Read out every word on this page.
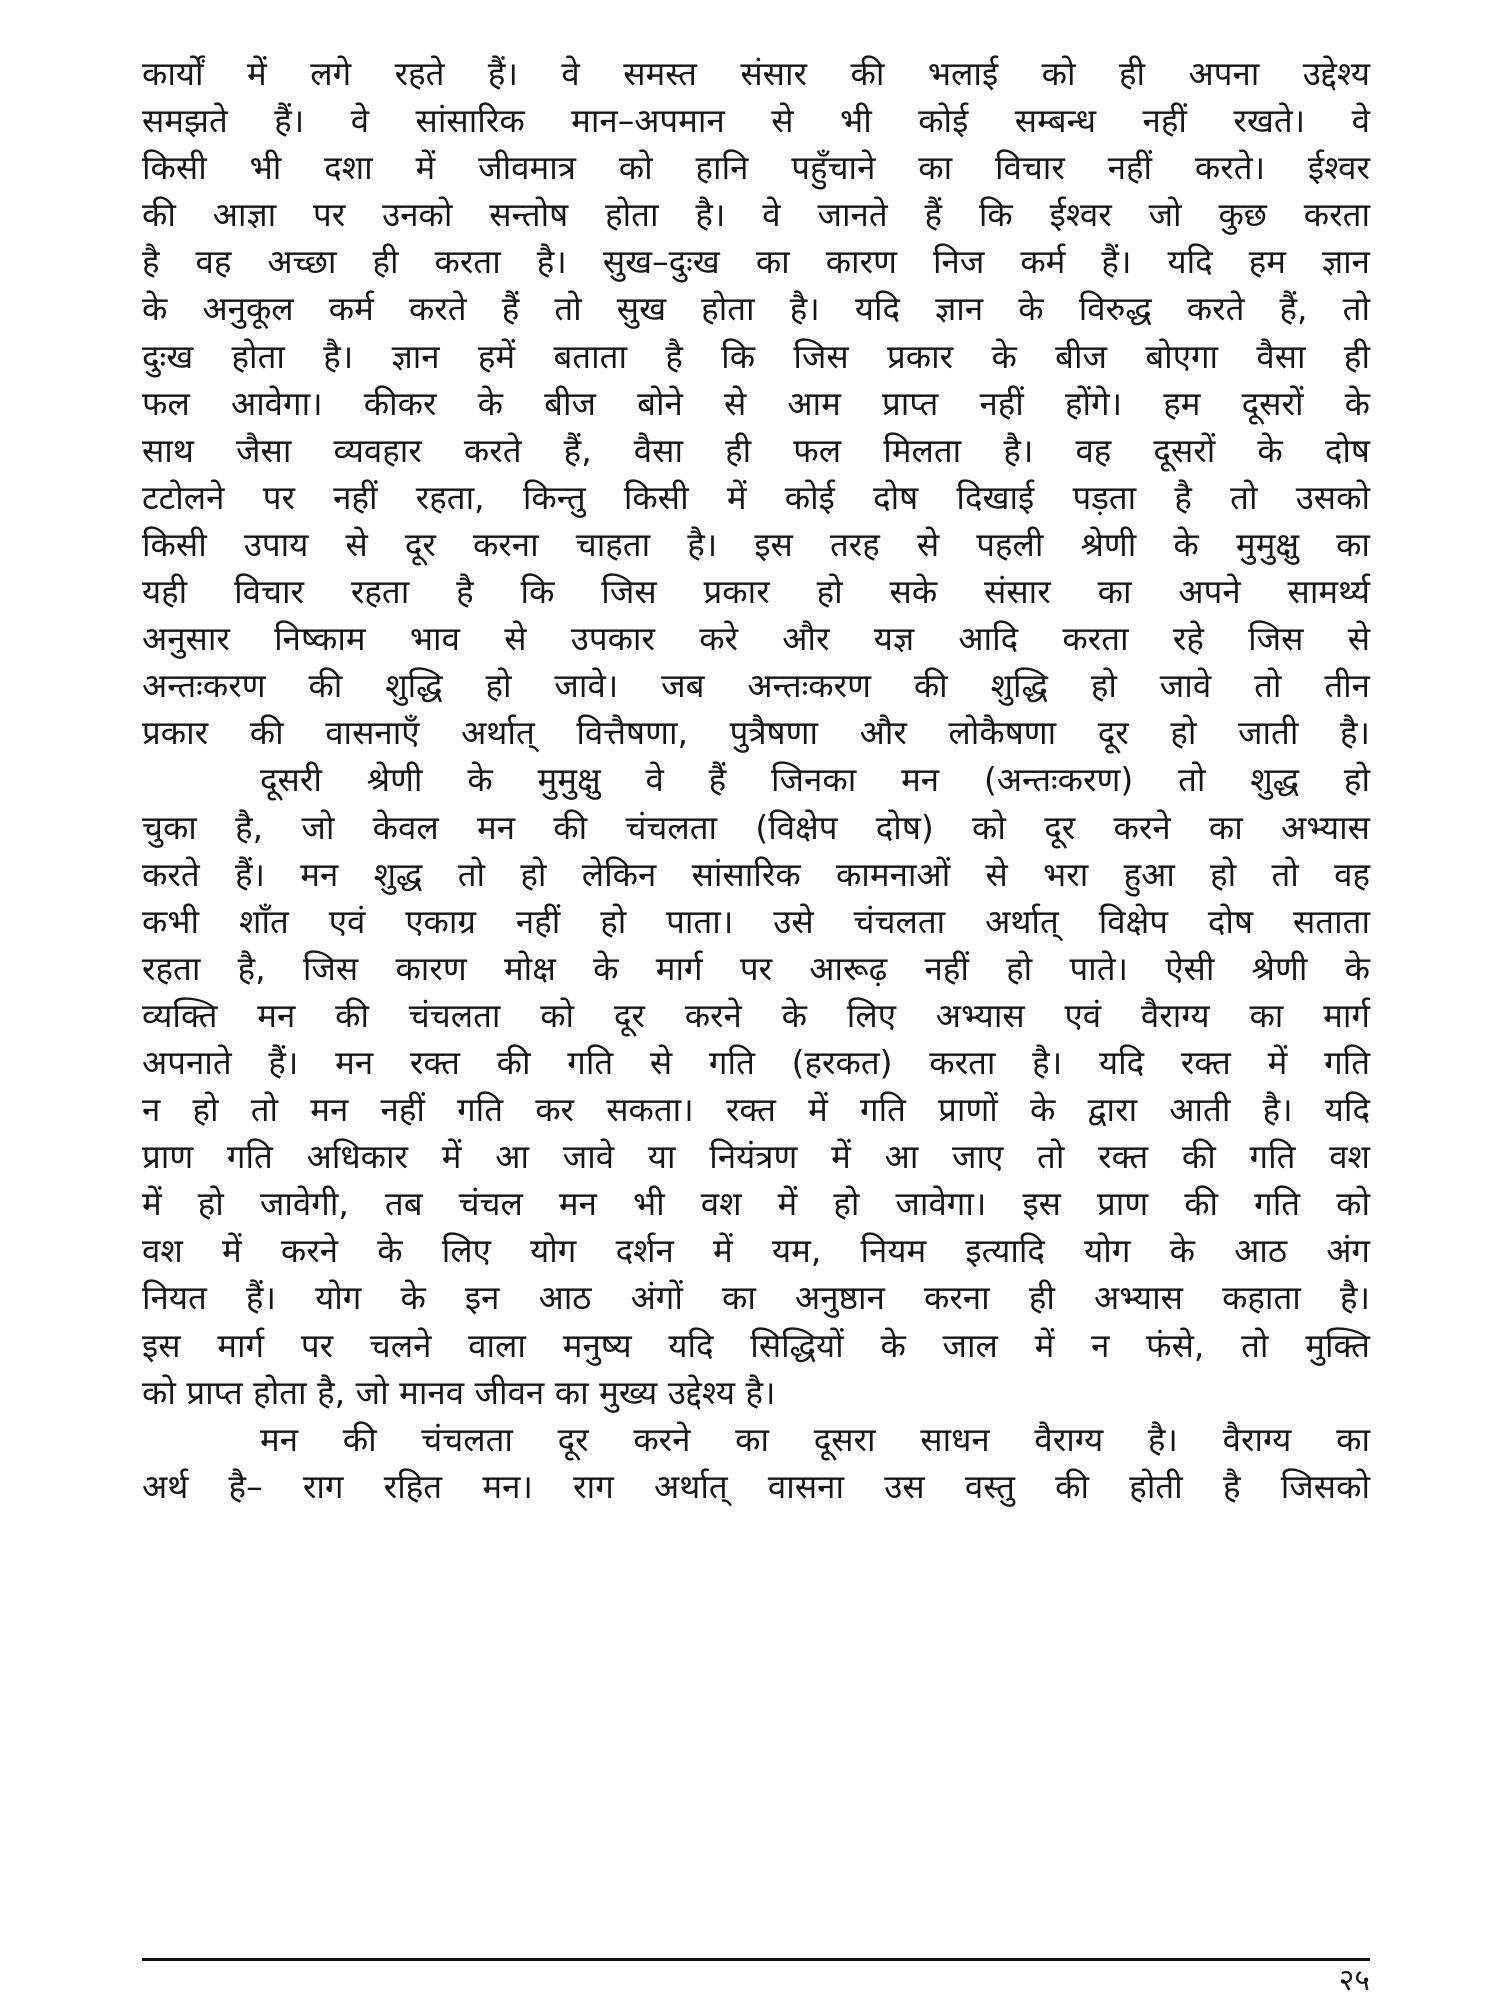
कार्यों में लगे रहते हैं। वे समस्त संसार की भलाई को ही अपना उद्देश्य
समझते हैं। वे सांसारिक मान–अपमान से भी कोई सम्बन्ध नहीं रखते। वे
किसी भी दशा में जीवमात्र को हानि पहुँचाने का विचार नहीं करते। ईश्वर
की आज्ञा पर उनको सन्तोष होता है। वे जानते हैं कि ईश्वर जो कुछ करता
है वह अच्छा ही करता है। सुख–दुःख का कारण निज कर्म हैं। यदि हम ज्ञान
के अनुकूल कर्म करते हैं तो सुख होता है। यदि ज्ञान के विरुद्ध करते हैं, तो
दुःख होता है। ज्ञान हमें बताता है कि जिस प्रकार के बीज बोएगा वैसा ही
फल आवेगा। कीकर के बीज बोने से आम प्राप्त नहीं होंगे। हम दूसरों के
साथ जैसा व्यवहार करते हैं, वैसा ही फल मिलता है। वह दूसरों के दोष
टटोलने पर नहीं रहता, किन्तु किसी में कोई दोष दिखाई पड़ता है तो उसको
किसी उपाय से दूर करना चाहता है। इस तरह से पहली श्रेणी के मुमुक्षु का
यही विचार रहता है कि जिस प्रकार हो सके संसार का अपने सामर्थ्य
अनुसार निष्काम भाव से उपकार करे और यज्ञ आदि करता रहे जिस से
अन्तःकरण की शुद्धि हो जावे। जब अन्तःकरण की शुद्धि हो जावे तो तीन
प्रकार की वासनाएँ अर्थात् वित्तैषणा, पुत्रैषणा और लोकैषणा दूर हो जाती है।
दूसरी श्रेणी के मुमुक्षु वे हैं जिनका मन (अन्तःकरण) तो शुद्ध हो
चुका है, जो केवल मन की चंचलता (विक्षेप दोष) को दूर करने का अभ्यास
करते हैं। मन शुद्ध तो हो लेकिन सांसारिक कामनाओं से भरा हुआ हो तो वह
कभी शाँत एवं एकाग्र नहीं हो पाता। उसे चंचलता अर्थात् विक्षेप दोष सताता
रहता है, जिस कारण मोक्ष के मार्ग पर आरूढ़ नहीं हो पाते। ऐसी श्रेणी के
व्यक्ति मन की चंचलता को दूर करने के लिए अभ्यास एवं वैराग्य का मार्ग
अपनाते हैं। मन रक्त की गति से गति (हरकत) करता है। यदि रक्त में गति
न हो तो मन नहीं गति कर सकता। रक्त में गति प्राणों के द्वारा आती है। यदि
प्राण गति अधिकार में आ जावे या नियंत्रण में आ जाए तो रक्त की गति वश
में हो जावेगी, तब चंचल मन भी वश में हो जावेगा। इस प्राण की गति को
वश में करने के लिए योग दर्शन में यम, नियम इत्यादि योग के आठ अंग
नियत हैं। योग के इन आठ अंगों का अनुष्ठान करना ही अभ्यास कहाता है।
इस मार्ग पर चलने वाला मनुष्य यदि सिद्धियों के जाल में न फंसे, तो मुक्ति
को प्राप्त होता है, जो मानव जीवन का मुख्य उद्देश्य है।
मन की चंचलता दूर करने का दूसरा साधन वैराग्य है। वैराग्य का
अर्थ है– राग रहित मन। राग अर्थात् वासना उस वस्तु की होती है जिसको
२५
